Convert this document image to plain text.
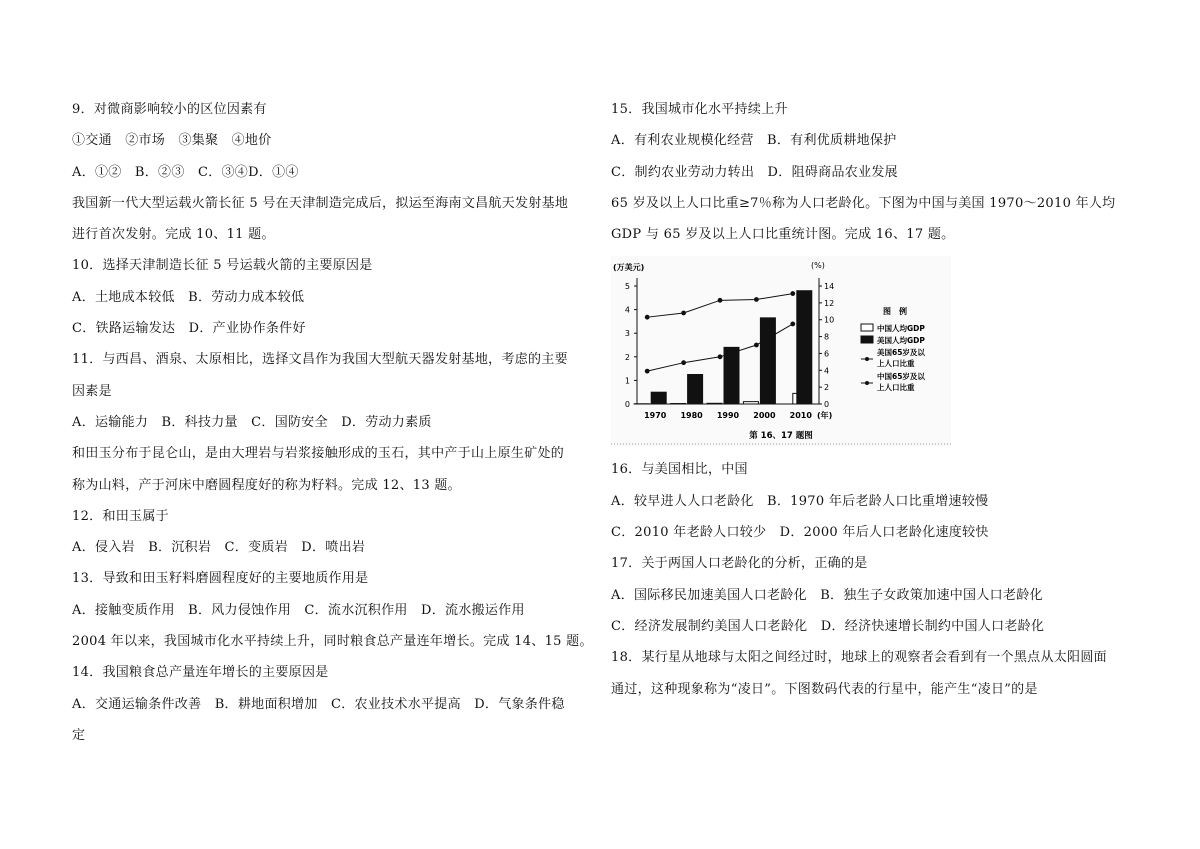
9．对微商影响较小的区位因素有
①交通　②市场　③集聚　④地价
A．①②　B．②③　C．③④D．①④
我国新一代大型运载火箭长征 5 号在天津制造完成后，拟运至海南文昌航天发射基地
进行首次发射。完成 10、11 题。
10．选择天津制造长征 5 号运载火箭的主要原因是
A．土地成本较低　B．劳动力成本较低
C．铁路运输发达　D．产业协作条件好
11．与西昌、酒泉、太原相比，选择文昌作为我国大型航天器发射基地，考虑的主要
因素是
A．运输能力　B．科技力量　C．国防安全　D．劳动力素质
和田玉分布于昆仑山，是由大理岩与岩浆接触形成的玉石，其中产于山上原生矿处的
称为山料，产于河床中磨圆程度好的称为籽料。完成 12、13 题。
12．和田玉属于
A．侵入岩　B．沉积岩　C．变质岩　D．喷出岩
13．导致和田玉籽料磨圆程度好的主要地质作用是
A．接触变质作用　B．风力侵蚀作用　C．流水沉积作用　D．流水搬运作用
2004 年以来，我国城市化水平持续上升，同时粮食总产量连年增长。完成 14、15 题。
14．我国粮食总产量连年增长的主要原因是
A．交通运输条件改善　B．耕地面积增加　C．农业技术水平提高　D．气象条件稳
定
15．我国城市化水平持续上升
A．有利农业规模化经营　B．有利优质耕地保护
C．制约农业劳动力转出　D．阻碍商品农业发展
65 岁及以上人口比重≥7％称为人口老龄化。下图为中国与美国 1970～2010 年人均
GDP 与 65 岁及以上人口比重统计图。完成 16、17 题。
(万美元)	(%)
0
1
2
3
4
5
0
2
4
6
8
10
12
14
1970 1980 1990 2000 2010 (年)
图　例
中国人均GDP
美国人均GDP
美国65岁及以
上人口比重
中国65岁及以
上人口比重
第 16、17 题图
16．与美国相比，中国
A．较早进人人口老龄化　B．1970 年后老龄人口比重增速较慢
C．2010 年老龄人口较少　D．2000 年后人口老龄化速度较快
17．关于两国人口老龄化的分析，正确的是
A．国际移民加速美国人口老龄化　B．独生子女政策加速中国人口老龄化
C．经济发展制约美国人口老龄化　D．经济快速增长制约中国人口老龄化
18．某行星从地球与太阳之间经过时，地球上的观察者会看到有一个黑点从太阳圆面
通过，这种现象称为“凌日”。下图数码代表的行星中，能产生“凌日”的是
